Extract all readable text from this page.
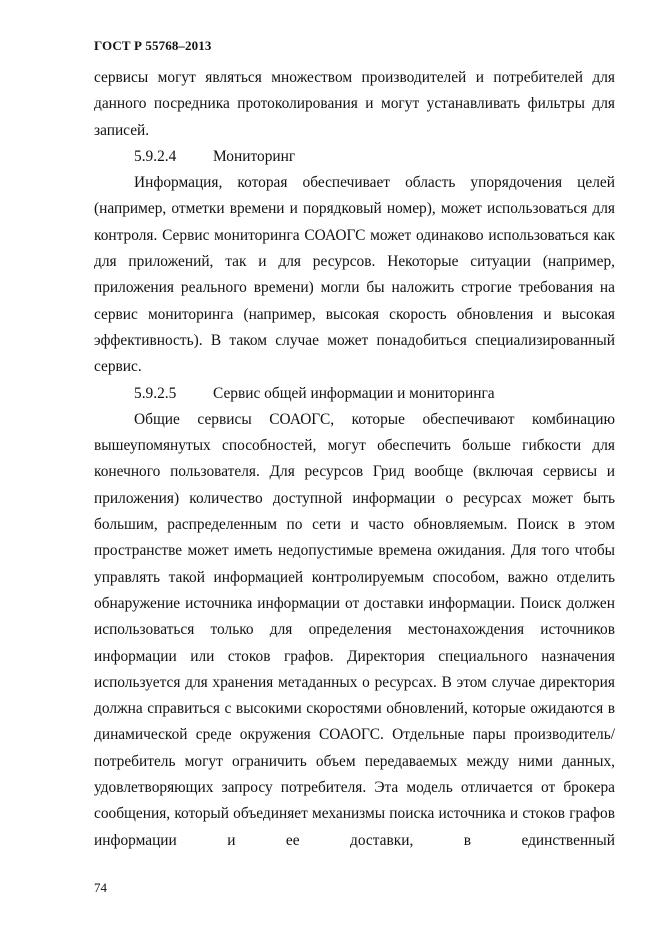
ГОСТ Р 55768–2013

сервисы могут являться множеством производителей и потребителей для данного посредника протоколирования и могут устанавливать фильтры для записей.

5.9.2.4	Мониторинг

Информация, которая обеспечивает область упорядочения целей (например, отметки времени и порядковый номер), может использоваться для контроля. Сервис мониторинга СОАОГС может одинаково использоваться как для приложений, так и для ресурсов. Некоторые ситуации (например, приложения реального времени) могли бы наложить строгие требования на сервис мониторинга (например, высокая скорость обновления и высокая эффективность). В таком случае может понадобиться специализированный сервис.

5.9.2.5	Сервис общей информации и мониторинга

Общие сервисы СОАОГС, которые обеспечивают комбинацию вышеупомянутых способностей, могут обеспечить больше гибкости для конечного пользователя. Для ресурсов Грид вообще (включая сервисы и приложения) количество доступной информации о ресурсах может быть большим, распределенным по сети и часто обновляемым. Поиск в этом пространстве может иметь недопустимые времена ожидания. Для того чтобы управлять такой информацией контролируемым способом, важно отделить обнаружение источника информации от доставки информации. Поиск должен использоваться только для определения местонахождения источников информации или стоков графов. Директория специального назначения используется для хранения метаданных о ресурсах. В этом случае директория должна справиться с высокими скоростями обновлений, которые ожидаются в динамической среде окружения СОАОГС. Отдельные пары производитель/потребитель могут ограничить объем передаваемых между ними данных, удовлетворяющих запросу потребителя. Эта модель отличается от брокера сообщения, который объединяет механизмы поиска источника и стоков графов информации и ее доставки, в единственный

74
